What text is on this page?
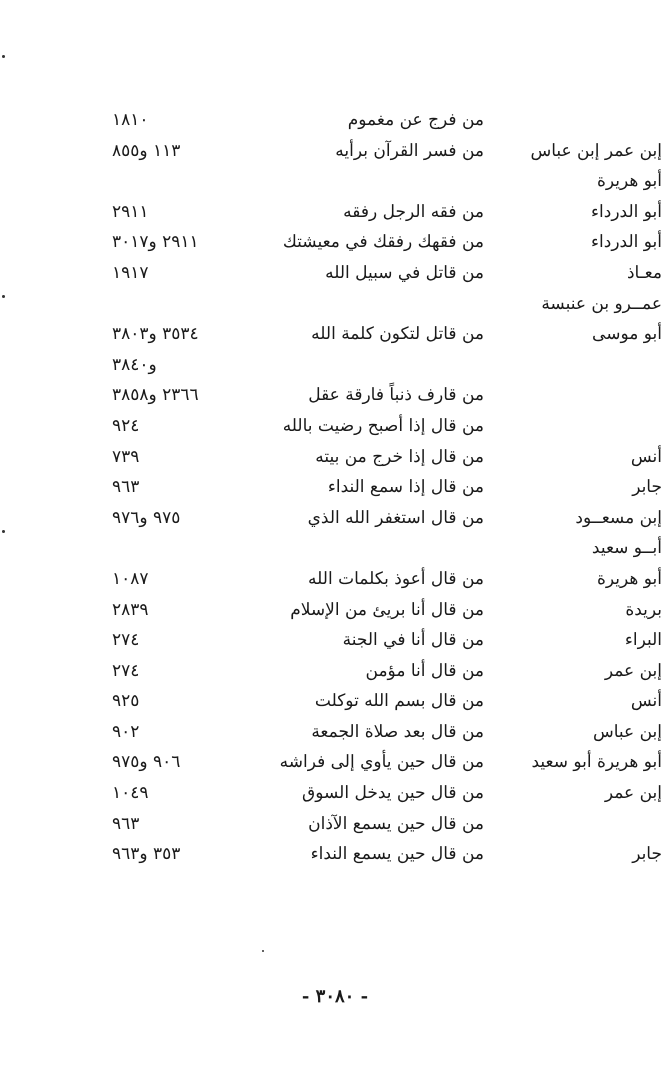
من فرج عن مغموم
١٨١٠
إبن عمر إبن عباس
من فسر القرآن برأيه
١١٣ و٨٥٥
أبو هريرة
أبو الدرداء
من فقه الرجل رفقه
٢٩١١
أبو الدرداء
من فقهك رفقك في معيشتك
٢٩١١ و٣٠١٧
معـاذ
من قاتل في سبيل الله
١٩١٧
عمــرو بن عنبسة
أبو موسى
من قاتل لتكون كلمة الله
٣٥٣٤ و٣٨٠٣
و٣٨٤٠
من قارف ذنباً فارقة عقل
٢٣٦٦ و٣٨٥٨
من قال إذا أصبح رضيت بالله
٩٢٤
أنس
من قال إذا خرج من بيته
٧٣٩
جابر
من قال إذا سمع النداء
٩٦٣
إبن مسعــود
من قال استغفر الله الذي
٩٧٥ و٩٧٦
أبــو سعيد
أبو هريرة
من قال أعوذ بكلمات الله
١٠٨٧
بريدة
من قال أنا بريئ من الإسلام
٢٨٣٩
البراء
من قال أنا في الجنة
٢٧٤
إبن عمر
من قال أنا مؤمن
٢٧٤
أنس
من قال بسم الله توكلت
٩٢٥
إبن عباس
من قال بعد صلاة الجمعة
٩٠٢
أبو هريرة أبو سعيد
من قال حين يأوي إلى فراشه
٩٠٦ و٩٧٥
إبن عمر
من قال حين يدخل السوق
١٠٤٩
من قال حين يسمع الآذان
٩٦٣
جابر
من قال حين يسمع النداء
٣٥٣ و٩٦٣
- ٣٠٨٠ -
